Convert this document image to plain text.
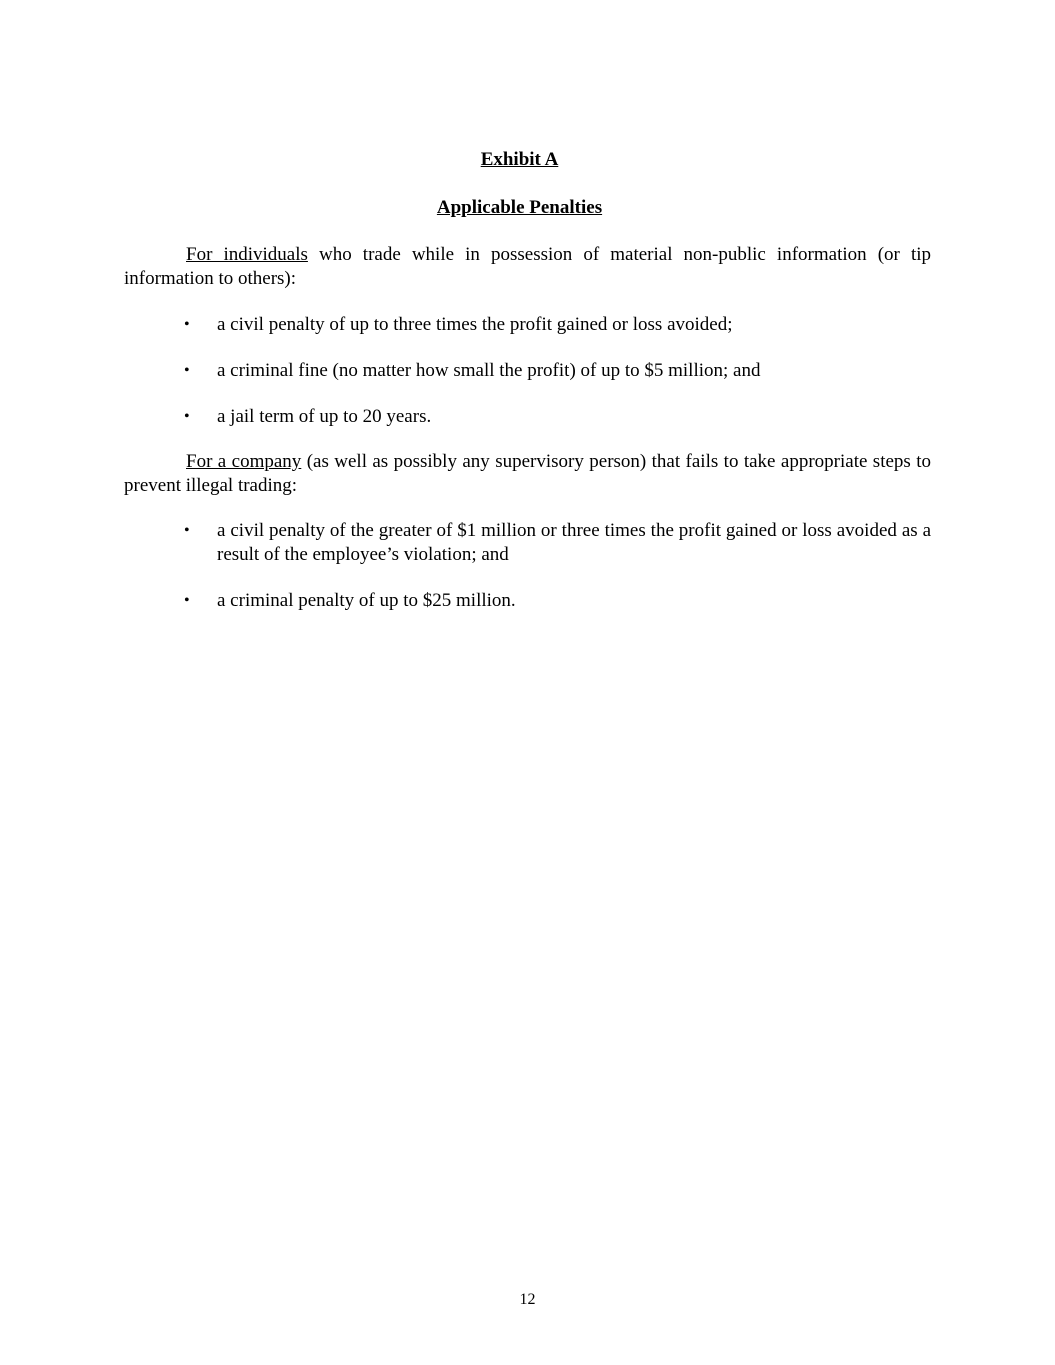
Exhibit A

Applicable Penalties

For individuals who trade while in possession of material non-public information (or tip information to others):

• a civil penalty of up to three times the profit gained or loss avoided;

• a criminal fine (no matter how small the profit) of up to $5 million; and

• a jail term of up to 20 years.

For a company (as well as possibly any supervisory person) that fails to take appropriate steps to prevent illegal trading:

• a civil penalty of the greater of $1 million or three times the profit gained or loss avoided as a result of the employee’s violation; and

• a criminal penalty of up to $25 million.

12
